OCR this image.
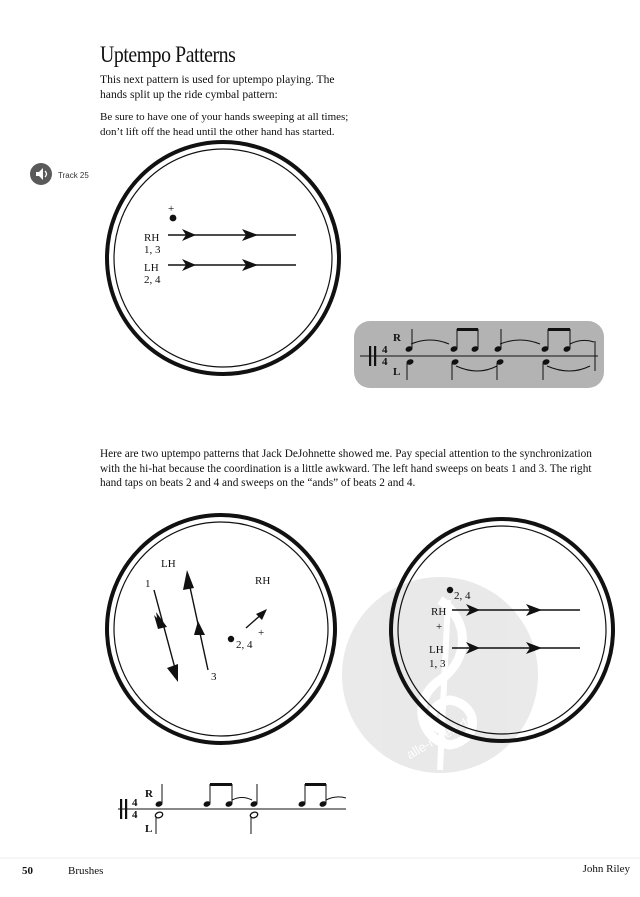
Uptempo Patterns
This next pattern is used for uptempo playing. The
hands split up the ride cymbal pattern:
Be sure to have one of your hands sweeping at all times;
don’t lift off the head until the other hand has started.
Track 25
+
RH
1, 3
LH
2, 4
4
4
R
L
LH
RH
1
3
2, 4
+
alle-noten.de
2, 4
RH
+
LH
1, 3
4
4
R
L
Here are two uptempo patterns that Jack DeJohnette showed me. Pay special attention to the synchronization
with the hi-hat because the coordination is a little awkward. The left hand sweeps on beats 1 and 3. The right
hand taps on beats 2 and 4 and sweeps on the “ands” of beats 2 and 4.
50	Brushes	John Riley
